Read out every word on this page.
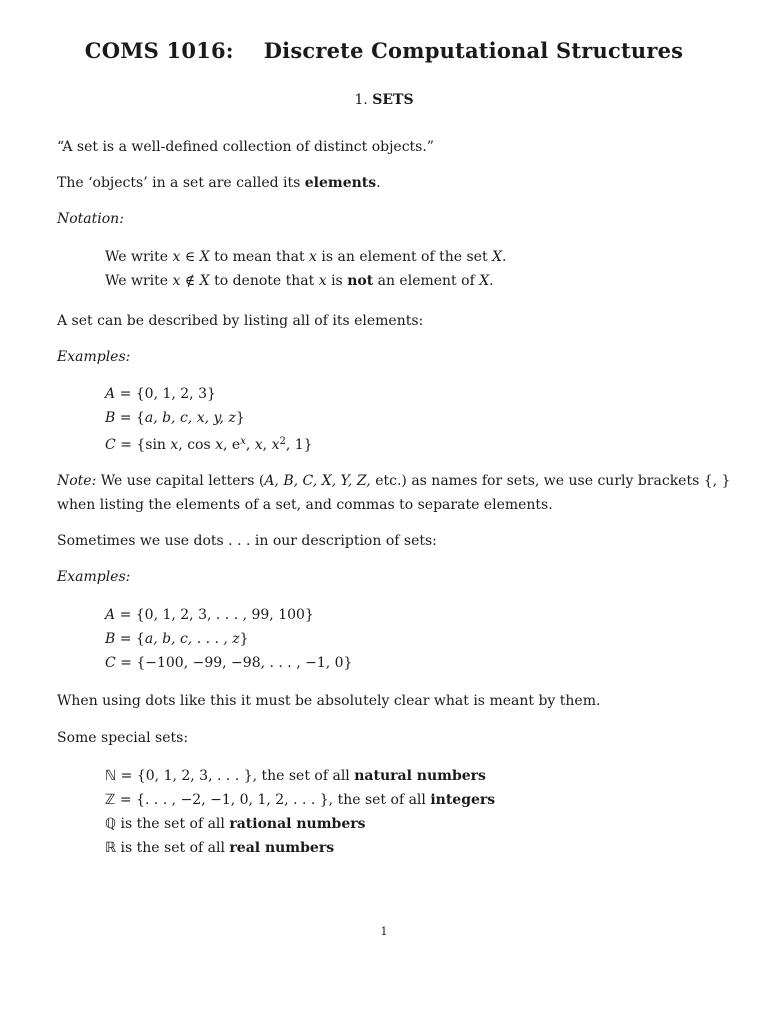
COMS 1016:    Discrete Computational Structures
1. SETS
“A set is a well-defined collection of distinct objects.”
The ‘objects’ in a set are called its elements.
Notation:
We write x ∈ X to mean that x is an element of the set X.
We write x ∉ X to denote that x is not an element of X.
A set can be described by listing all of its elements:
Examples:
A = {0, 1, 2, 3}
B = {a, b, c, x, y, z}
C = {sin x, cos x, $e^x$, x, $x^2$, 1}
Note: We use capital letters (A, B, C, X, Y, Z, etc.) as names for sets, we use curly brackets {, }
when listing the elements of a set, and commas to separate elements.
Sometimes we use dots . . . in our description of sets:
Examples:
A = {0, 1, 2, 3, . . . , 99, 100}
B = {a, b, c, . . . , z}
C = {−100, −99, −98, . . . , −1, 0}
When using dots like this it must be absolutely clear what is meant by them.
Some special sets:
ℕ = {0, 1, 2, 3, . . . }, the set of all natural numbers
ℤ = {. . . , −2, −1, 0, 1, 2, . . . }, the set of all integers
ℚ is the set of all rational numbers
ℝ is the set of all real numbers
1
